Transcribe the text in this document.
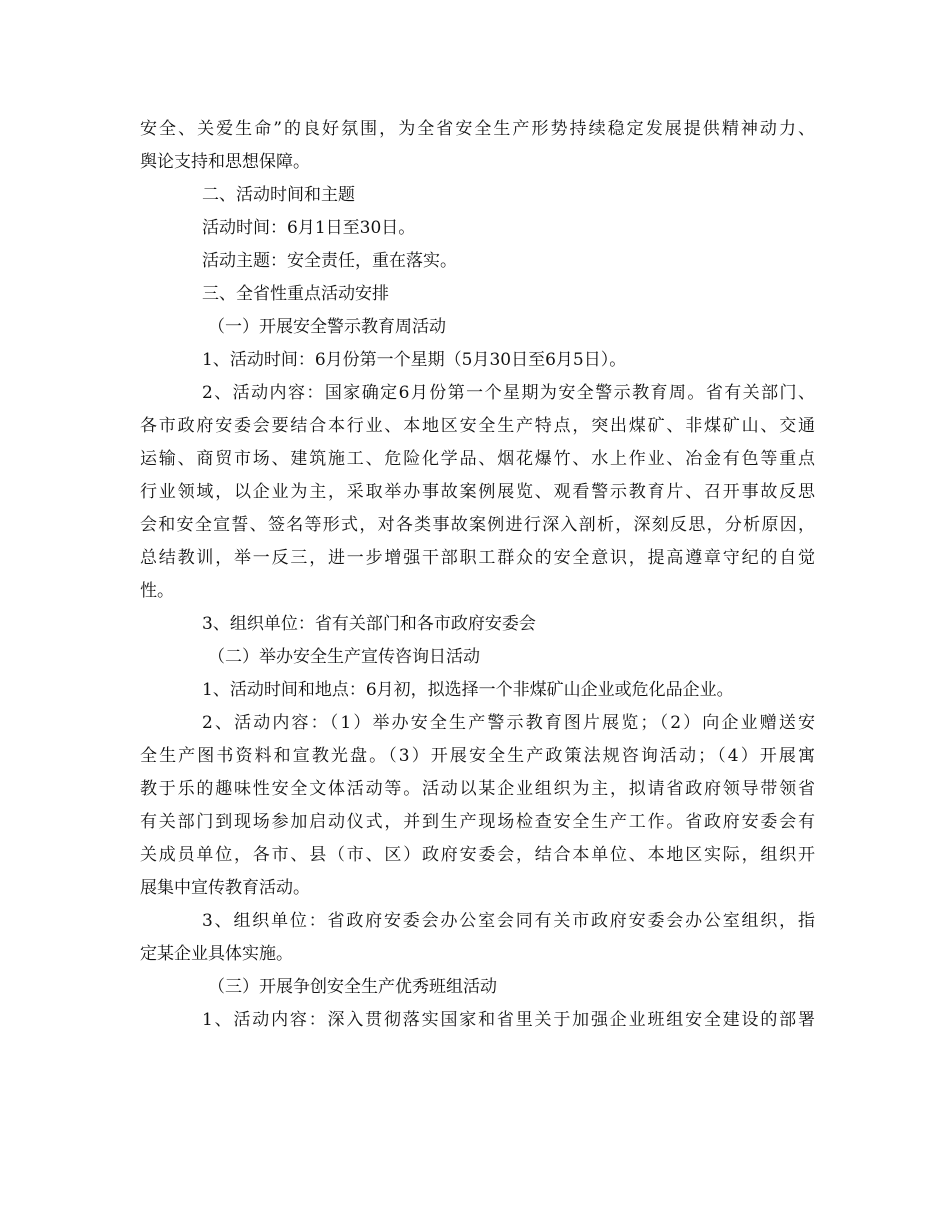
安全、关爱生命”的良好氛围，为全省安全生产形势持续稳定发展提供精神动力、
舆论支持和思想保障。
二、活动时间和主题
活动时间：6月1日至30日。
活动主题：安全责任，重在落实。
三、全省性重点活动安排
（一）开展安全警示教育周活动
1、活动时间：6月份第一个星期（5月30日至6月5日）。
2、活动内容：国家确定6月份第一个星期为安全警示教育周。省有关部门、
各市政府安委会要结合本行业、本地区安全生产特点，突出煤矿、非煤矿山、交通
运输、商贸市场、建筑施工、危险化学品、烟花爆竹、水上作业、冶金有色等重点
行业领域，以企业为主，采取举办事故案例展览、观看警示教育片、召开事故反思
会和安全宣誓、签名等形式，对各类事故案例进行深入剖析，深刻反思，分析原因，
总结教训，举一反三，进一步增强干部职工群众的安全意识，提高遵章守纪的自觉
性。
3、组织单位：省有关部门和各市政府安委会
（二）举办安全生产宣传咨询日活动
1、活动时间和地点：6月初，拟选择一个非煤矿山企业或危化品企业。
2、活动内容：（1）举办安全生产警示教育图片展览；（2）向企业赠送安
全生产图书资料和宣教光盘。（3）开展安全生产政策法规咨询活动；（4）开展寓
教于乐的趣味性安全文体活动等。活动以某企业组织为主，拟请省政府领导带领省
有关部门到现场参加启动仪式，并到生产现场检查安全生产工作。省政府安委会有
关成员单位，各市、县（市、区）政府安委会，结合本单位、本地区实际，组织开
展集中宣传教育活动。
3、组织单位：省政府安委会办公室会同有关市政府安委会办公室组织，指
定某企业具体实施。
（三）开展争创安全生产优秀班组活动
1、活动内容：深入贯彻落实国家和省里关于加强企业班组安全建设的部署
